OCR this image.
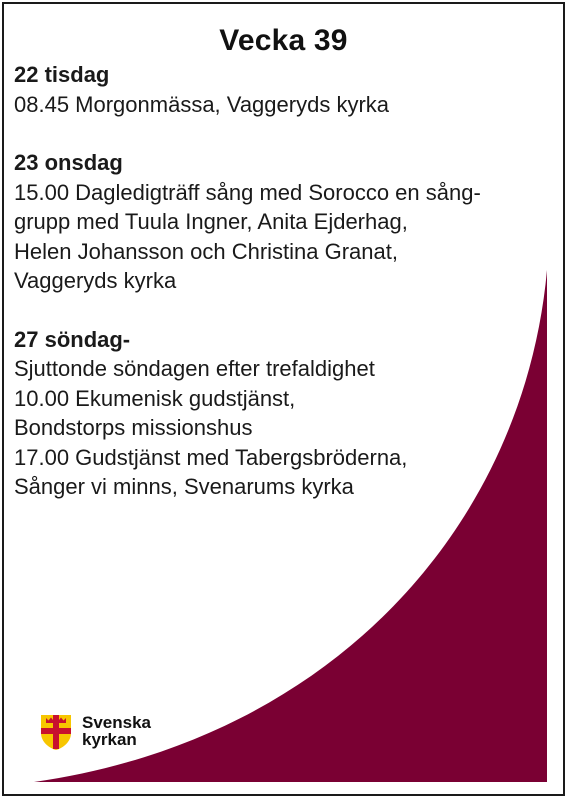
Vecka 39
22 tisdag
08.45 Morgonmässa, Vaggeryds kyrka
23 onsdag
15.00 Dagledigträff sång med Sorocco en sång-
grupp med Tuula Ingner, Anita Ejderhag,
Helen Johansson och Christina Granat,
Vaggeryds kyrka
27 söndag-
Sjuttonde söndagen efter trefaldighet
10.00 Ekumenisk gudstjänst,
Bondstorps missionshus
17.00 Gudstjänst med Tabergsbröderna,
Sånger vi minns, Svenarums kyrka
Svenska
kyrkan
